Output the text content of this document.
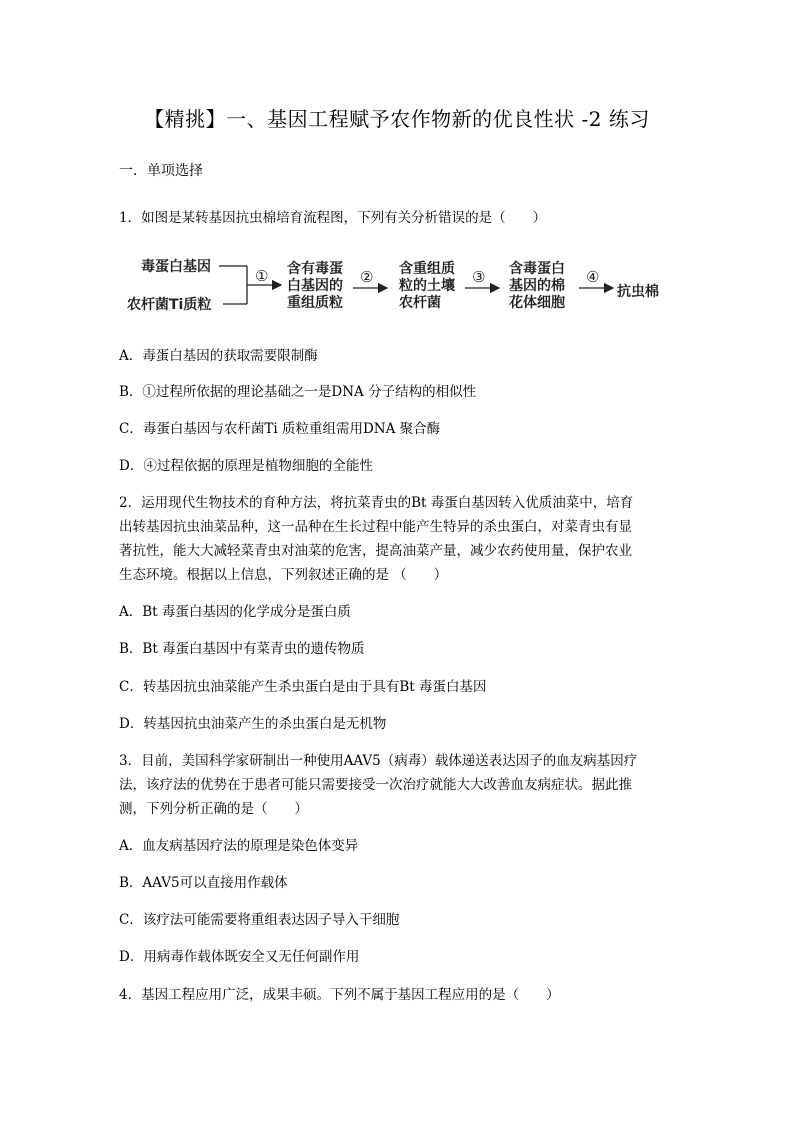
【精挑】一、基因工程赋予农作物新的优良性状 -2 练习
一．单项选择
1．如图是某转基因抗虫棉培育流程图，下列有关分析错误的是（　　）
毒蛋白基因
农杆菌Ti质粒
① 含有毒蛋
白基因的
重组质粒
② 含重组质
粒的土壤
农杆菌
③ 含毒蛋白
基因的棉
花体细胞
④
抗虫棉
A．毒蛋白基因的获取需要限制酶
B．①过程所依据的理论基础之一是DNA 分子结构的相似性
C．毒蛋白基因与农杆菌Ti 质粒重组需用DNA 聚合酶
D．④过程依据的原理是植物细胞的全能性
2．运用现代生物技术的育种方法，将抗菜青虫的Bt 毒蛋白基因转入优质油菜中，培育
出转基因抗虫油菜品种，这一品种在生长过程中能产生特异的杀虫蛋白，对菜青虫有显
著抗性，能大大减轻菜青虫对油菜的危害，提高油菜产量，减少农药使用量，保护农业
生态环境。根据以上信息，下列叙述正确的是 （　　）
A．Bt 毒蛋白基因的化学成分是蛋白质
B．Bt 毒蛋白基因中有菜青虫的遗传物质
C．转基因抗虫油菜能产生杀虫蛋白是由于具有Bt 毒蛋白基因
D．转基因抗虫油菜产生的杀虫蛋白是无机物
3．目前，美国科学家研制出一种使用AAV5（病毒）载体递送表达因子的血友病基因疗
法，该疗法的优势在于患者可能只需要接受一次治疗就能大大改善血友病症状。据此推
测，下列分析正确的是（　　）
A．血友病基因疗法的原理是染色体变异
B．AAV5可以直接用作载体
C．该疗法可能需要将重组表达因子导入干细胞
D．用病毒作载体既安全又无任何副作用
4．基因工程应用广泛，成果丰硕。下列不属于基因工程应用的是（　　）
